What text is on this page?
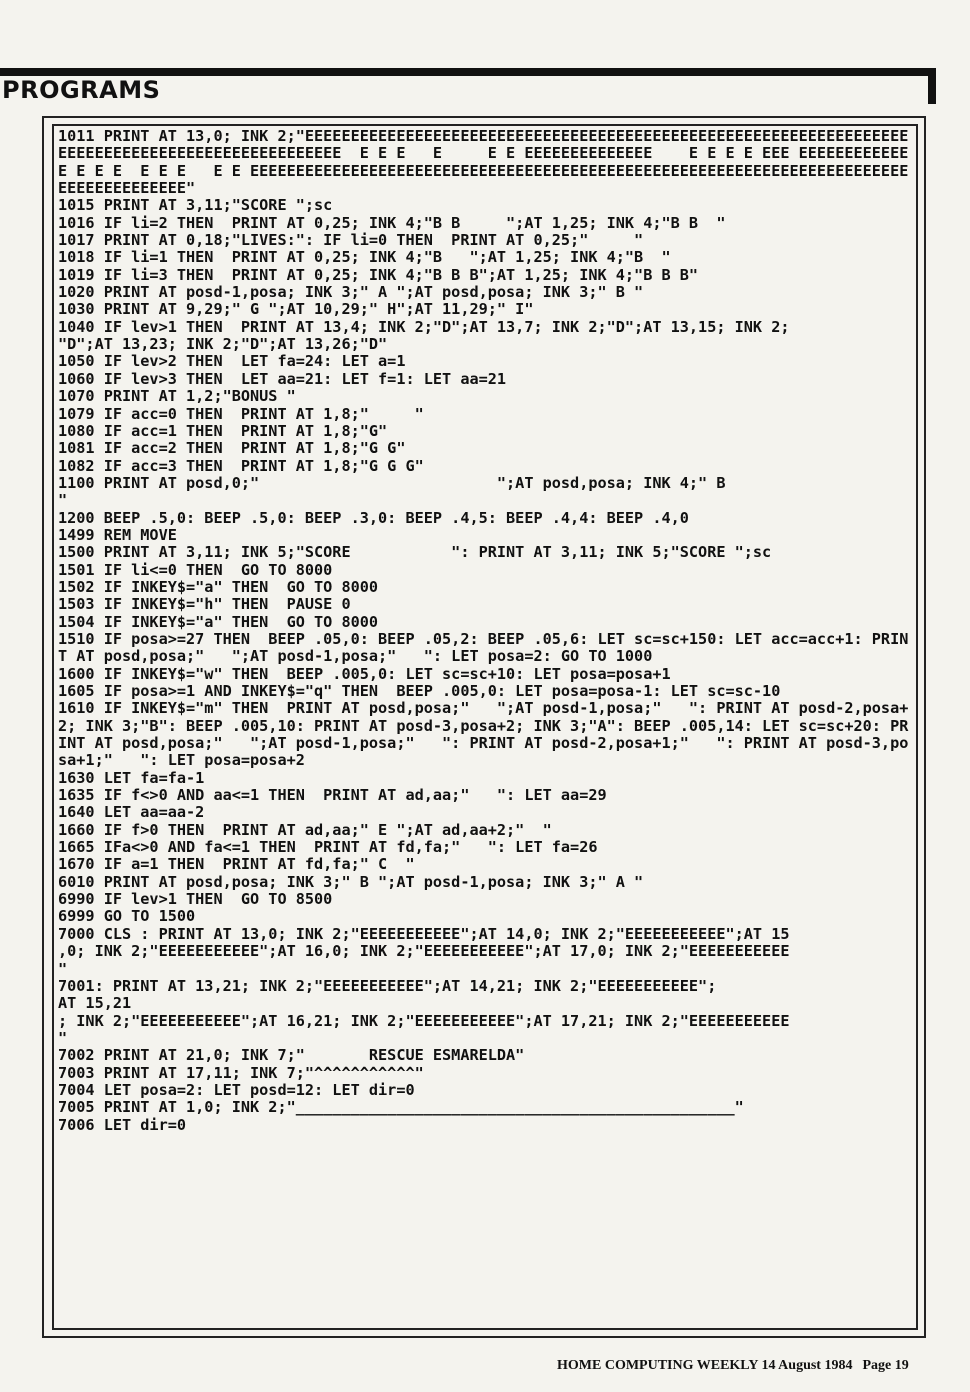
PROGRAMS
1011 PRINT AT 13,0; INK 2;"EEEEEEEEEEEEEEEEEEEEEEEEEEEEEEEEEEEEEEEEEEEEEEEEEEEEEEEEEEEEEEEEEEEEEEEEEEEEEEEEEEEEEEEEEEEEEEEEE  E E E   E     E E EEEEEEEEEEEEEE    E E E E EEE EEEEEEEEEEEEE E E E  E E E   E E EEEEEEEEEEEEEEEEEEEEEEEEEEEEEEEEEEEEEEEEEEEEEEEEEEEEEEEEEEEEEEEEEEEEEEEEEEEEEEEEEEEEEE"
1015 PRINT AT 3,11;"SCORE ";sc
1016 IF li=2 THEN  PRINT AT 0,25; INK 4;"B B     ";AT 1,25; INK 4;"B B  "
1017 PRINT AT 0,18;"LIVES:": IF li=0 THEN  PRINT AT 0,25;"     "
1018 IF li=1 THEN  PRINT AT 0,25; INK 4;"B   ";AT 1,25; INK 4;"B  "
1019 IF li=3 THEN  PRINT AT 0,25; INK 4;"B B B";AT 1,25; INK 4;"B B B"
1020 PRINT AT posd-1,posa; INK 3;" A ";AT posd,posa; INK 3;" B "
1030 PRINT AT 9,29;" G ";AT 10,29;" H";AT 11,29;" I"
1040 IF lev>1 THEN  PRINT AT 13,4; INK 2;"D";AT 13,7; INK 2;"D";AT 13,15; INK 2;
"D";AT 13,23; INK 2;"D";AT 13,26;"D"
1050 IF lev>2 THEN  LET fa=24: LET a=1
1060 IF lev>3 THEN  LET aa=21: LET f=1: LET aa=21
1070 PRINT AT 1,2;"BONUS "
1079 IF acc=0 THEN  PRINT AT 1,8;"     "
1080 IF acc=1 THEN  PRINT AT 1,8;"G"
1081 IF acc=2 THEN  PRINT AT 1,8;"G G"
1082 IF acc=3 THEN  PRINT AT 1,8;"G G G"
1100 PRINT AT posd,0;"                          ";AT posd,posa; INK 4;" B
"
1200 BEEP .5,0: BEEP .5,0: BEEP .3,0: BEEP .4,5: BEEP .4,4: BEEP .4,0
1499 REM MOVE
1500 PRINT AT 3,11; INK 5;"SCORE           ": PRINT AT 3,11; INK 5;"SCORE ";sc
1501 IF li<=0 THEN  GO TO 8000
1502 IF INKEY$="a" THEN  GO TO 8000
1503 IF INKEY$="h" THEN  PAUSE 0
1504 IF INKEY$="a" THEN  GO TO 8000
1510 IF posa>=27 THEN  BEEP .05,0: BEEP .05,2: BEEP .05,6: LET sc=sc+150: LET acc=acc+1: PRINT AT posd,posa;"   ";AT posd-1,posa;"   ": LET posa=2: GO TO 1000
1600 IF INKEY$="w" THEN  BEEP .005,0: LET sc=sc+10: LET posa=posa+1
1605 IF posa>=1 AND INKEY$="q" THEN  BEEP .005,0: LET posa=posa-1: LET sc=sc-10
1610 IF INKEY$="m" THEN  PRINT AT posd,posa;"   ";AT posd-1,posa;"   ": PRINT AT posd-2,posa+2; INK 3;"B": BEEP .005,10: PRINT AT posd-3,posa+2; INK 3;"A": BEEP .005,14: LET sc=sc+20: PRINT AT posd,posa;"   ";AT posd-1,posa;"   ": PRINT AT posd-2,posa+1;"   ": PRINT AT posd-3,posa+1;"   ": LET posa=posa+2
1630 LET fa=fa-1
1635 IF f<>0 AND aa<=1 THEN  PRINT AT ad,aa;"   ": LET aa=29
1640 LET aa=aa-2
1660 IF f>0 THEN  PRINT AT ad,aa;" E ";AT ad,aa+2;"  "
1665 IFa<>0 AND fa<=1 THEN  PRINT AT fd,fa;"   ": LET fa=26
1670 IF a=1 THEN  PRINT AT fd,fa;" C  "
6010 PRINT AT posd,posa; INK 3;" B ";AT posd-1,posa; INK 3;" A "
6990 IF lev>1 THEN  GO TO 8500
6999 GO TO 1500
7000 CLS : PRINT AT 13,0; INK 2;"EEEEEEEEEEE";AT 14,0; INK 2;"EEEEEEEEEEE";AT 15
,0; INK 2;"EEEEEEEEEEE";AT 16,0; INK 2;"EEEEEEEEEEE";AT 17,0; INK 2;"EEEEEEEEEEE
"
7001: PRINT AT 13,21; INK 2;"EEEEEEEEEEE";AT 14,21; INK 2;"EEEEEEEEEEE";
AT 15,21
; INK 2;"EEEEEEEEEEE";AT 16,21; INK 2;"EEEEEEEEEEE";AT 17,21; INK 2;"EEEEEEEEEEE
"
7002 PRINT AT 21,0; INK 7;"       RESCUE ESMARELDA"
7003 PRINT AT 17,11; INK 7;"^^^^^^^^^^^"
7004 LET posa=2: LET posd=12: LET dir=0
7005 PRINT AT 1,0; INK 2;"________________________________________________"
7006 LET dir=0
HOME COMPUTING WEEKLY 14 August 1984 Page 19
